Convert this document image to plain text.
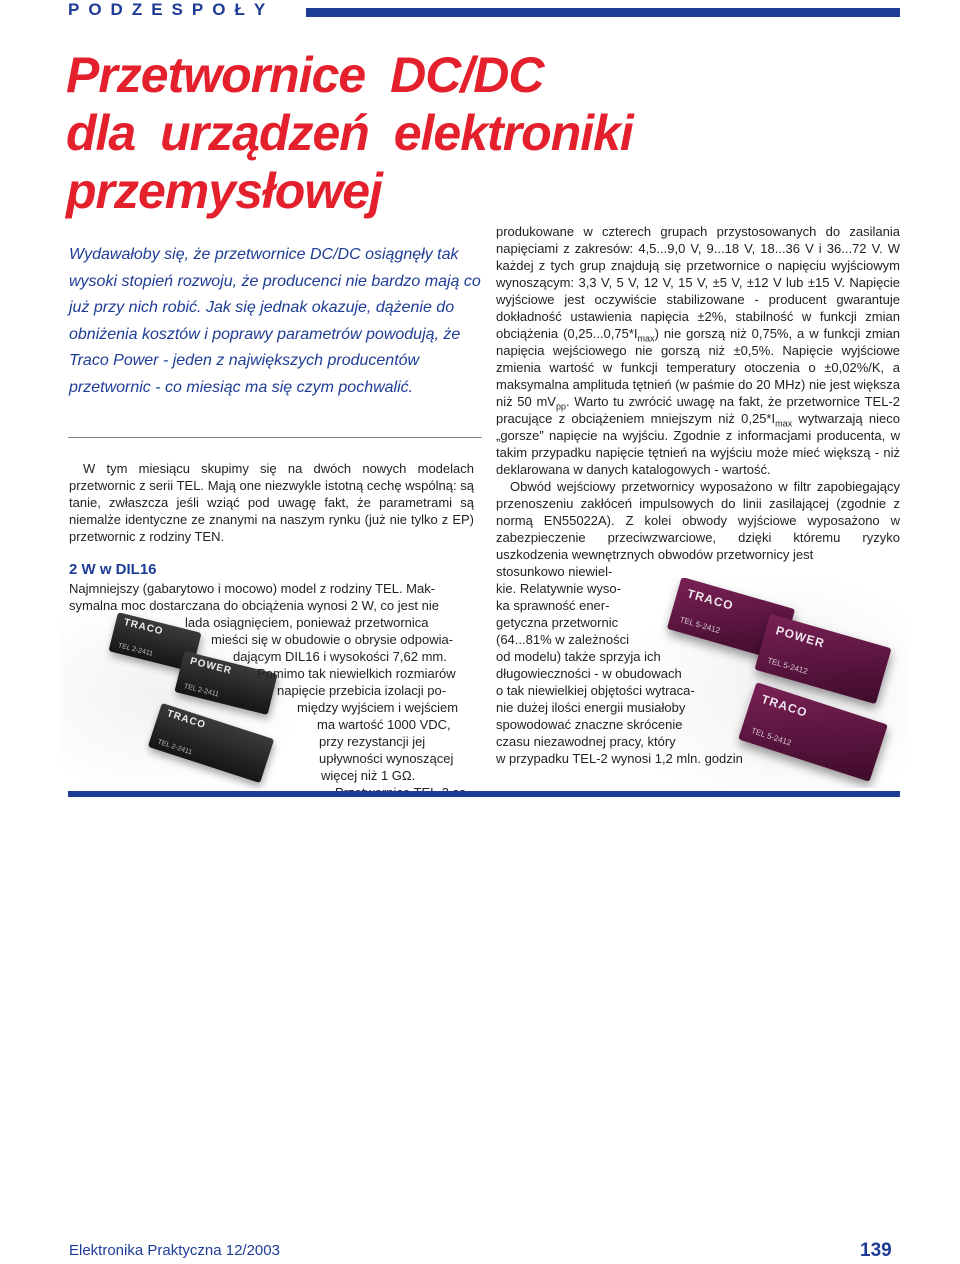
PODZESPOŁY
Przetwornice DC/DC
dla urządzeń elektroniki
przemysłowej
Wydawałoby się, że przetwornice DC/DC osiągnęły tak wysoki stopień rozwoju, że producenci nie bardzo mają co już przy nich robić. Jak się jednak okazuje, dążenie do obniżenia kosztów i poprawy parametrów powodują, że Traco Power - jeden z największych producentów przetwornic - co miesiąc ma się czym pochwalić.

W tym miesiącu skupimy się na dwóch nowych modelach przetwornic z serii TEL. Mają one niezwykle istotną cechę wspólną: są tanie, zwłaszcza jeśli wziąć pod uwagę fakt, że parametrami są niemalże identyczne ze znanymi na naszym rynku (już nie tylko z EP) przetwornic z rodziny TEN.

2 W w DIL16
TRACO
TEL 2-2411
POWER
TEL 2-2411
TRACO
TEL 2-2411
Najmniejszy (gabarytowo i mocowo) model z rodziny TEL. Mak-
symalna moc dostarczana do obciążenia wynosi 2 W, co jest nie
lada osiągnięciem, ponieważ przetwornica
mieści się w obudowie o obrysie odpowia-
dającym DIL16 i wysokości 7,62 mm.
Pomimo tak niewielkich rozmiarów
napięcie przebicia izolacji po-
między wyjściem i wejściem
ma wartość 1000 VDC,
przy rezystancji jej
upływności wynoszącej
więcej niż 1 GΩ.
TRACO
TEL 5-2412	POWER
TEL 5-2412
TRACO
TEL 5-2412

produkowane w czterech grupach przystosowanych do zasilania napięciami z zakresów: 4,5...9,0 V, 9...18 V, 18...36 V i 36...72 V. W każdej z tych grup znajdują się przetwornice o napięciu wyjściowym wynoszącym: 3,3 V, 5 V, 12 V, 15 V, ±5 V, ±12 V lub ±15 V. Napięcie wyjściowe jest oczywiście stabilizowane - producent gwarantuje dokładność ustawienia napięcia ±2%, stabilność w funkcji zmian obciążenia $(0,25...0,75*I_{max})$ nie gorszą niż 0,75%, a w funkcji zmian napięcia wejściowego nie gorszą niż ±0,5%. Napięcie wyjściowe zmienia wartość w funkcji temperatury otoczenia o ±0,02%/K, a maksymalna amplituda tętnień (w paśmie do 20 MHz) nie jest większa niż 50 $mV_{pp}$. Warto tu zwrócić uwagę na fakt, że przetwornice TEL-2 pracujące z obciążeniem mniejszym niż $0,25*I_{max}$ wytwarzają nieco „gorsze” napięcie na wyjściu. Zgodnie z informacjami producenta, w takim przypadku napięcie tętnień na wyjściu może mieć większą - niż deklarowana w danych katalogowych - wartość.

Obwód wejściowy przetwornicy wyposażono w filtr zapobiegający przenoszeniu zakłóceń impulsowych do linii zasilającej (zgodnie z normą EN55022A). Z kolei obwody wyjściowe wyposażono w zabezpieczenie przeciwzwarciowe, dzięki któremu ryzyko uszkodzenia wewnętrznych obwodów przetwornicy jest

stosunkowo niewiel-
kie. Relatywnie wyso-
ka sprawność ener-
getyczna przetwornic
(64...81% w zależności
od modelu) także sprzyja ich
długowieczności - w obudowach
o tak niewielkiej objętości wytraca-
nie dużej ilości energii musiałoby
spowodować znaczne skrócenie
czasu niezawodnej pracy, który
w przypadku TEL-2 wynosi 1,2 mln. godzin
Elektronika Praktyczna 12/2003	139
